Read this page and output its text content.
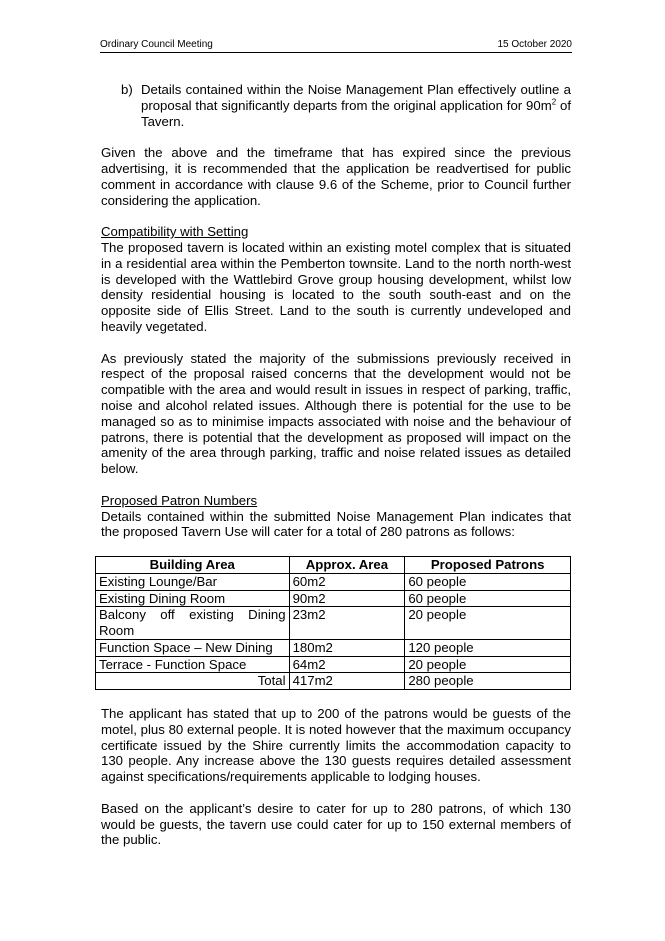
Ordinary Council Meeting	15 October 2020
b) Details contained within the Noise Management Plan effectively outline a proposal that significantly departs from the original application for $90m^2$ of Tavern.

Given the above and the timeframe that has expired since the previous advertising, it is recommended that the application be readvertised for public comment in accordance with clause 9.6 of the Scheme, prior to Council further considering the application.

Compatibility with Setting

The proposed tavern is located within an existing motel complex that is situated in a residential area within the Pemberton townsite. Land to the north north-west is developed with the Wattlebird Grove group housing development, whilst low density residential housing is located to the south south-east and on the opposite side of Ellis Street. Land to the south is currently undeveloped and heavily vegetated.

As previously stated the majority of the submissions previously received in respect of the proposal raised concerns that the development would not be compatible with the area and would result in issues in respect of parking, traffic, noise and alcohol related issues. Although there is potential for the use to be managed so as to minimise impacts associated with noise and the behaviour of patrons, there is potential that the development as proposed will impact on the amenity of the area through parking, traffic and noise related issues as detailed below.

Proposed Patron Numbers

Details contained within the submitted Noise Management Plan indicates that the proposed Tavern Use will cater for a total of 280 patrons as follows:

Building Area	Approx. Area	Proposed Patrons
Existing Lounge/Bar	60m2	60 people
Existing Dining Room	90m2	60 people
Balcony off existing Dining Room	23m2	20 people
Function Space – New Dining	180m2	120 people
Terrace - Function Space	64m2	20 people
Total	417m2	280 people

The applicant has stated that up to 200 of the patrons would be guests of the motel, plus 80 external people. It is noted however that the maximum occupancy certificate issued by the Shire currently limits the accommodation capacity to 130 people. Any increase above the 130 guests requires detailed assessment against specifications/requirements applicable to lodging houses.

Based on the applicant’s desire to cater for up to 280 patrons, of which 130 would be guests, the tavern use could cater for up to 150 external members of the public.
